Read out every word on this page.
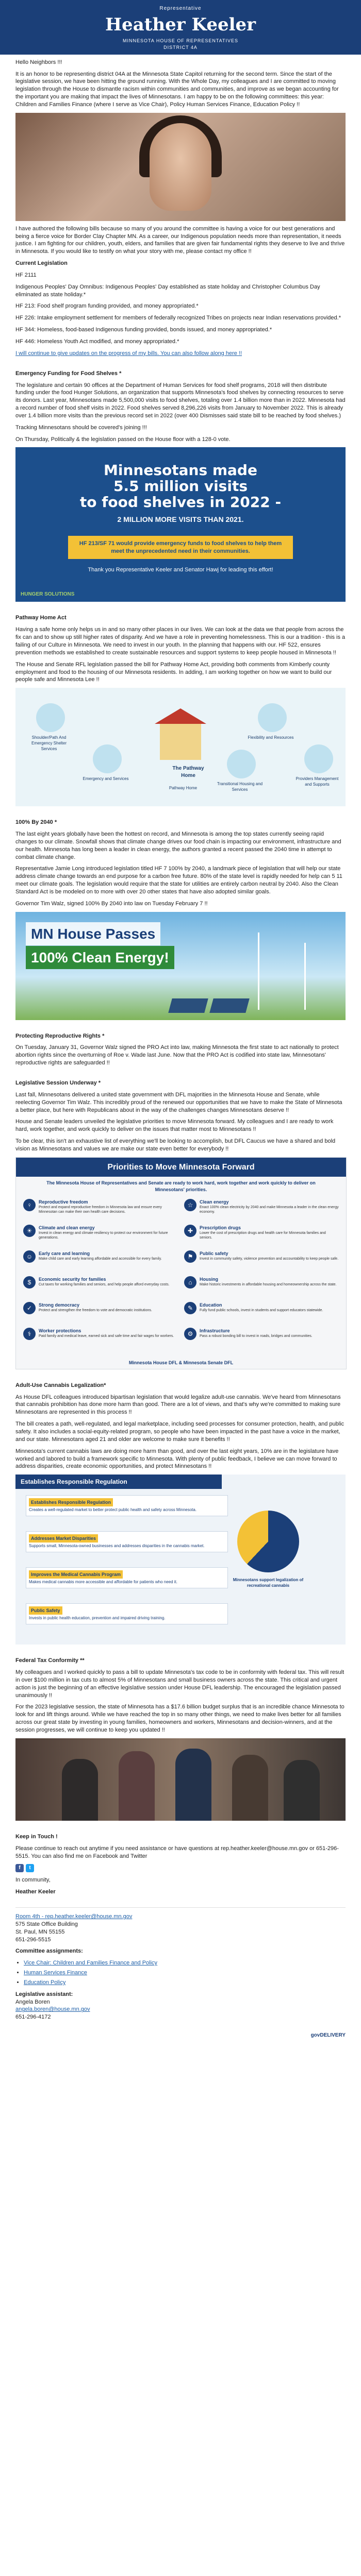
Representative
Heather Keeler
MINNESOTA HOUSE OF REPRESENTATIVES
DISTRICT 4A

Hello Neighbors !!!

It is an honor to be representing district 04A at the Minnesota State Capitol returning for the second term. Since the start of the legislative session, we have been hitting the ground running. With the Whole Day, my colleagues and I are committed to moving legislation through the House to dismantle racism within communities and communities, and improve as we began accounting for the important you are making that impact the lives of Minnesotans. I am happy to be on the following committees: this year: Children and Families Finance (where I serve as Vice Chair), Policy Human Services Finance, Education Policy !!

I have authored the following bills because so many of you around the committee is having a voice for our best generations and being a fierce voice for Border Clay Chapter MN. As a career, our Indigenous population needs more than representation, it needs justice. I am fighting for our children, youth, elders, and families that are given fair fundamental rights they deserve to live and thrive in Minnesota. If you would like to testify on what your story with me, please contact my office !!

Current Legislation

HF 2111

Indigenous Peoples' Day Omnibus: Indigenous Peoples' Day established as state holiday and Christopher Columbus Day eliminated as state holiday.*

HF 213: Food shelf program funding provided, and money appropriated.*

HF 226: Intake employment settlement for members of federally recognized Tribes on projects near Indian reservations provided.*

HF 344: Homeless, food-based Indigenous funding provided, bonds issued, and money appropriated.*

HF 446: Homeless Youth Act modified, and money appropriated.*

I will continue to give updates on the progress of my bills. You can also follow along here !!

Emergency Funding for Food Shelves *

The legislature and certain 90 offices at the Department of Human Services for food shelf programs, 2018 will then distribute funding under the food Hunger Solutions, an organization that supports Minnesota's food shelves by connecting resources to serve its donors. Last year, Minnesotans made 5,500,000 visits to food shelves, totaling over 1.4 billion more than in 2022. Minnesota had a record number of food shelf visits in 2022. Food shelves served 8,296,226 visits from January to November 2022. This is already over 1.4 billion more visits than the previous record set in 2022 (over 400 Dismisses said state bill to be reached by food shelves.)

Tracking Minnesotans should be covered's joining !!!

On Thursday, Politically & the legislation passed on the House floor with a 128-0 vote.

Minnesotans made
5.5 million visits
to food shelves in 2022 -
2 MILLION MORE VISITS THAN 2021.
HF 213/SF 71 would provide emergency funds to food shelves to help them meet the unprecedented need in their communities.
Thank you Representative Keeler and Senator Hawj for leading this effort!
HUNGER SOLUTIONS

Pathway Home Act

Having a safe home only helps us in and so many other places in our lives. We can look at the data we that people from across the fix can and to show up still higher rates of disparity. And we have a role in preventing homelessness. This is our a tradition - this is a failing of our Culture in Minnesota. We need to invest in our youth. In the planning that happens with our. HF 522, ensures prevention methods we established to create sustainable resources and support systems to keep people housed in Minnesota !!

The House and Senate RFL legislation passed the bill for Pathway Home Act, providing both comments from Kimberly county employment and food to the housing of our Minnesota residents. In adding, I am working together on how we want to build our people safe and Minnesota Lee !!

The Pathway Home
Shoulder/Path And Emergency Shelter Services
Emergency and Services
Transitional Housing and Services
Flexibility and Resources
Providers Management and Supports
Pathway Home

100% By 2040 *

The last eight years globally have been the hottest on record, and Minnesota is among the top states currently seeing rapid changes to our climate. Snowfall shows that climate change drives our food chain is impacting our environment, infrastructure and our health. Minnesota has long been a leader in clean energy, the authors granted a recent passed the 2040 time in attempt to combat climate change.

Representative Jamie Long introduced legislation titled HF 7 100% by 2040, a landmark piece of legislation that will help our state address climate change towards an end purpose for a carbon free future. 80% of the state level is rapidly needed for help can 5 11 meet our climate goals. The legislation would require that the state for utilities are entirely carbon neutral by 2040. Also the Clean Standard Act is be modeled on to more with over 20 other states that have also adopted similar goals.

Governor Tim Walz, signed 100% By 2040 into law on Tuesday February 7 !!

MN House Passes
100% Clean Energy!

Protecting Reproductive Rights *

On Tuesday, January 31, Governor Walz signed the PRO Act into law, making Minnesota the first state to act nationally to protect abortion rights since the overturning of Roe v. Wade last June. Now that the PRO Act is codified into state law, Minnesotans' reproductive rights are safeguarded !!

Legislative Session Underway *

Last fall, Minnesotans delivered a united state government with DFL majorities in the Minnesota House and Senate, while reelecting Governor Tim Walz. This incredibly proud of the renewed our opportunities that we have to make the State of Minnesota a better place, but here with Republicans about in the way of the challenges changes Minnesotans deserve !!

House and Senate leaders unveiled the legislative priorities to move Minnesota forward. My colleagues and I are ready to work hard, work together, and work quickly to deliver on the issues that matter most to Minnesotans !!

To be clear, this isn't an exhaustive list of everything we'll be looking to accomplish, but DFL Caucus we have a shared and bold vision as Minnesotans and values we are make our state even better for everybody !!

Priorities to Move Minnesota Forward
The Minnesota House of Representatives and Senate are ready to work hard, work together and work quickly to deliver on Minnesotans' priorities.
♀	Reproductive freedom
Protect and expand reproductive freedom in Minnesota law and ensure every Minnesotan can make their own health care decisions.
☆	Clean energy
Enact 100% clean electricity by 2040 and make Minnesota a leader in the clean energy economy.
☀	Climate and clean energy
Invest in clean energy and climate resiliency to protect our environment for future generations.
✚	Prescription drugs
Lower the cost of prescription drugs and health care for Minnesota families and seniors.
☺	Early care and learning
Make child care and early learning affordable and accessible for every family.	⚑	Public safety
Invest in community safety, violence prevention and accountability to keep people safe.
$	Economic security for families
Cut taxes for working families and seniors, and help people afford everyday costs.	⌂	Housing
Make historic investments in affordable housing and homeownership across the state.
✓	Strong democracy
Protect and strengthen the freedom to vote and democratic institutions.	✎	Education
Fully fund public schools, invest in students and support educators statewide.
⚕	Worker protections
Paid family and medical leave, earned sick and safe time and fair wages for workers.	⚙	Infrastructure
Pass a robust bonding bill to invest in roads, bridges and communities.
Minnesota House DFL & Minnesota Senate DFL

Adult-Use Cannabis Legalization*

As House DFL colleagues introduced bipartisan legislation that would legalize adult-use cannabis. We've heard from Minnesotans that cannabis prohibition has done more harm than good. There are a lot of views, and that's why we're committed to making sure Minnesotans are represented in this process !!

The bill creates a path, well-regulated, and legal marketplace, including seed processes for consumer protection, health, and public safety. It also includes a social-equity-related program, so people who have been impacted in the past have a voice in the market, and our state. Minnesotans aged 21 and older are welcome to make sure it benefits !!

Minnesota's current cannabis laws are doing more harm than good, and over the last eight years, 10% are in the legislature have worked and labored to build a framework specific to Minnesota. With plenty of public feedback, I believe we can move forward to address disparities, create economic opportunities, and protect Minnesotans !!

Establishes Responsible Regulation
Establishes Responsible Regulation
Creates a well-regulated market to better protect public health and safety across Minnesota.
Addresses Market Disparities
Supports small, Minnesota-owned businesses and addresses disparities in the cannabis market.
Improves the Medical Cannabis Program
Makes medical cannabis more accessible and affordable for patients who need it.
Public Safety
Invests in public health education, prevention and impaired driving training.
Minnesotans support legalization of recreational cannabis

Federal Tax Conformity **

My colleagues and I worked quickly to pass a bill to update Minnesota's tax code to be in conformity with federal tax. This will result in over $100 million in tax cuts to almost 5% of Minnesotans and small business owners across the state. This critical and urgent action is just the beginning of an effective legislative session under House DFL leadership. The encouraged the legislation passed unanimously !!

For the 2023 legislative session, the state of Minnesota has a $17.6 billion budget surplus that is an incredible chance Minnesota to look for and lift things around. While we have reached the top in so many other things, we need to make lives better for all families across our great state by investing in young families, homeowners and workers, Minnesotans and decision-winners, and at the session progresses, we will continue to keep you updated !!

Keep in Touch !

Please continue to reach out anytime if you need assistance or have questions at rep.heather.keeler@house.mn.gov or 651-296-5515. You can also find me on Facebook and Twitter

f	t

In community,

Heather Keeler

Room 4th - rep.heather.keeler@house.mn.gov
575 State Office Building
St. Paul, MN 55155
651-296-5515

Committee assignments:

• Vice Chair: Children and Families Finance and Policy
• Human Services Finance
• Education Policy

Legislative assistant:
Angela Boren
angela.boren@house.mn.gov
651-296-4172

govDELIVERY
